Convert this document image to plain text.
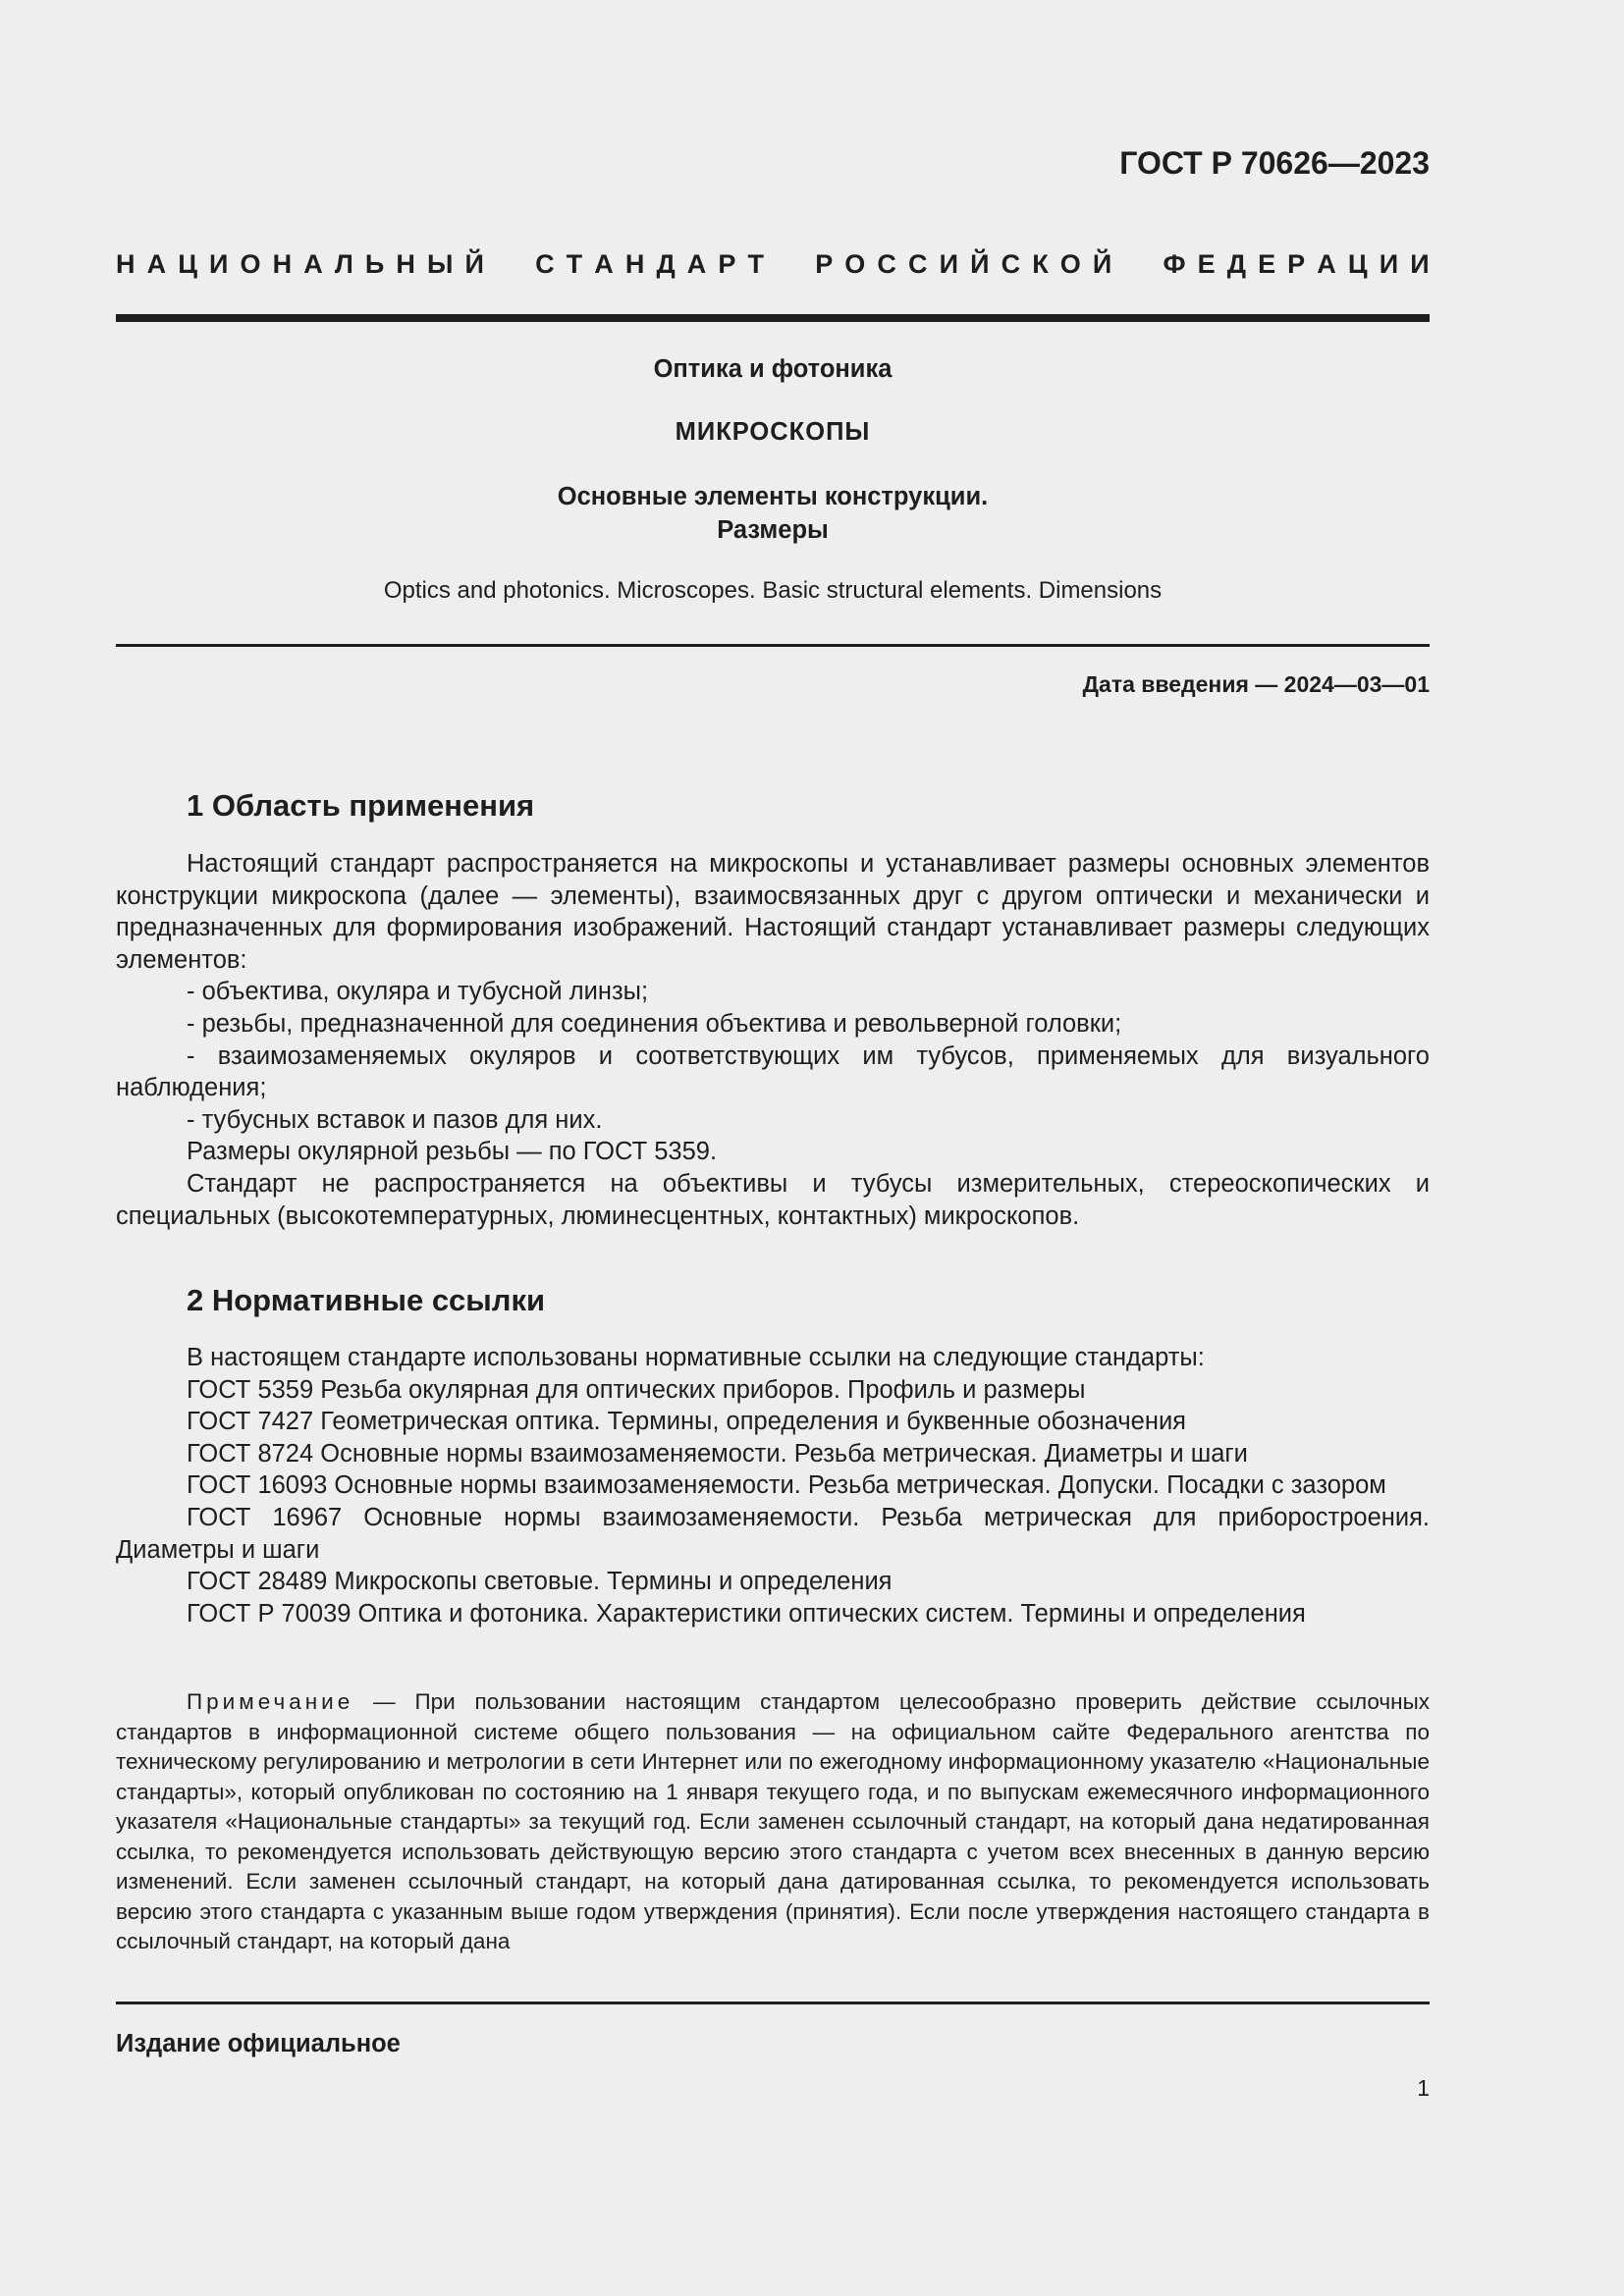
ГОСТ Р 70626—2023
Н А Ц И О Н А Л Ь Н Ы Й
С Т А Н Д А Р Т
Р О С С И Й С К О Й
Ф Е Д Е Р А Ц И И
Оптика и фотоника
МИКРОСКОПЫ
Основные элементы конструкции.
Размеры
Optics and photonics. Microscopes. Basic structural elements. Dimensions
Дата введения — 2024—03—01
1 Область применения

Настоящий стандарт распространяется на микроскопы и устанавливает размеры основных элементов конструкции микроскопа (далее — элементы), взаимосвязанных друг с другом оптически и механически и предназначенных для формирования изображений. Настоящий стандарт устанавливает размеры следующих элементов:

- объектива, окуляра и тубусной линзы;

- резьбы, предназначенной для соединения объектива и револьверной головки;

- взаимозаменяемых окуляров и соответствующих им тубусов, применяемых для визуального наблюдения;

- тубусных вставок и пазов для них.

Размеры окулярной резьбы — по ГОСТ 5359.

Стандарт не распространяется на объективы и тубусы измерительных, стереоскопических и специальных (высокотемпературных, люминесцентных, контактных) микроскопов.

2 Нормативные ссылки

В настоящем стандарте использованы нормативные ссылки на следующие стандарты:

ГОСТ 5359 Резьба окулярная для оптических приборов. Профиль и размеры

ГОСТ 7427 Геометрическая оптика. Термины, определения и буквенные обозначения

ГОСТ 8724 Основные нормы взаимозаменяемости. Резьба метрическая. Диаметры и шаги

ГОСТ 16093 Основные нормы взаимозаменяемости. Резьба метрическая. Допуски. Посадки с зазором

ГОСТ 16967 Основные нормы взаимозаменяемости. Резьба метрическая для приборостроения. Диаметры и шаги

ГОСТ 28489 Микроскопы световые. Термины и определения

ГОСТ Р 70039 Оптика и фотоника. Характеристики оптических систем. Термины и определения

Примечание — При пользовании настоящим стандартом целесообразно проверить действие ссылочных стандартов в информационной системе общего пользования — на официальном сайте Федерального агентства по техническому регулированию и метрологии в сети Интернет или по ежегодному информационному указателю «Национальные стандарты», который опубликован по состоянию на 1 января текущего года, и по выпускам ежемесячного информационного указателя «Национальные стандарты» за текущий год. Если заменен ссылочный стандарт, на который дана недатированная ссылка, то рекомендуется использовать действующую версию этого стандарта с учетом всех внесенных в данную версию изменений. Если заменен ссылочный стандарт, на который дана датированная ссылка, то рекомендуется использовать версию этого стандарта с указанным выше годом утверждения (принятия). Если после утверждения настоящего стандарта в ссылочный стандарт, на который дана

Издание официальное
1
